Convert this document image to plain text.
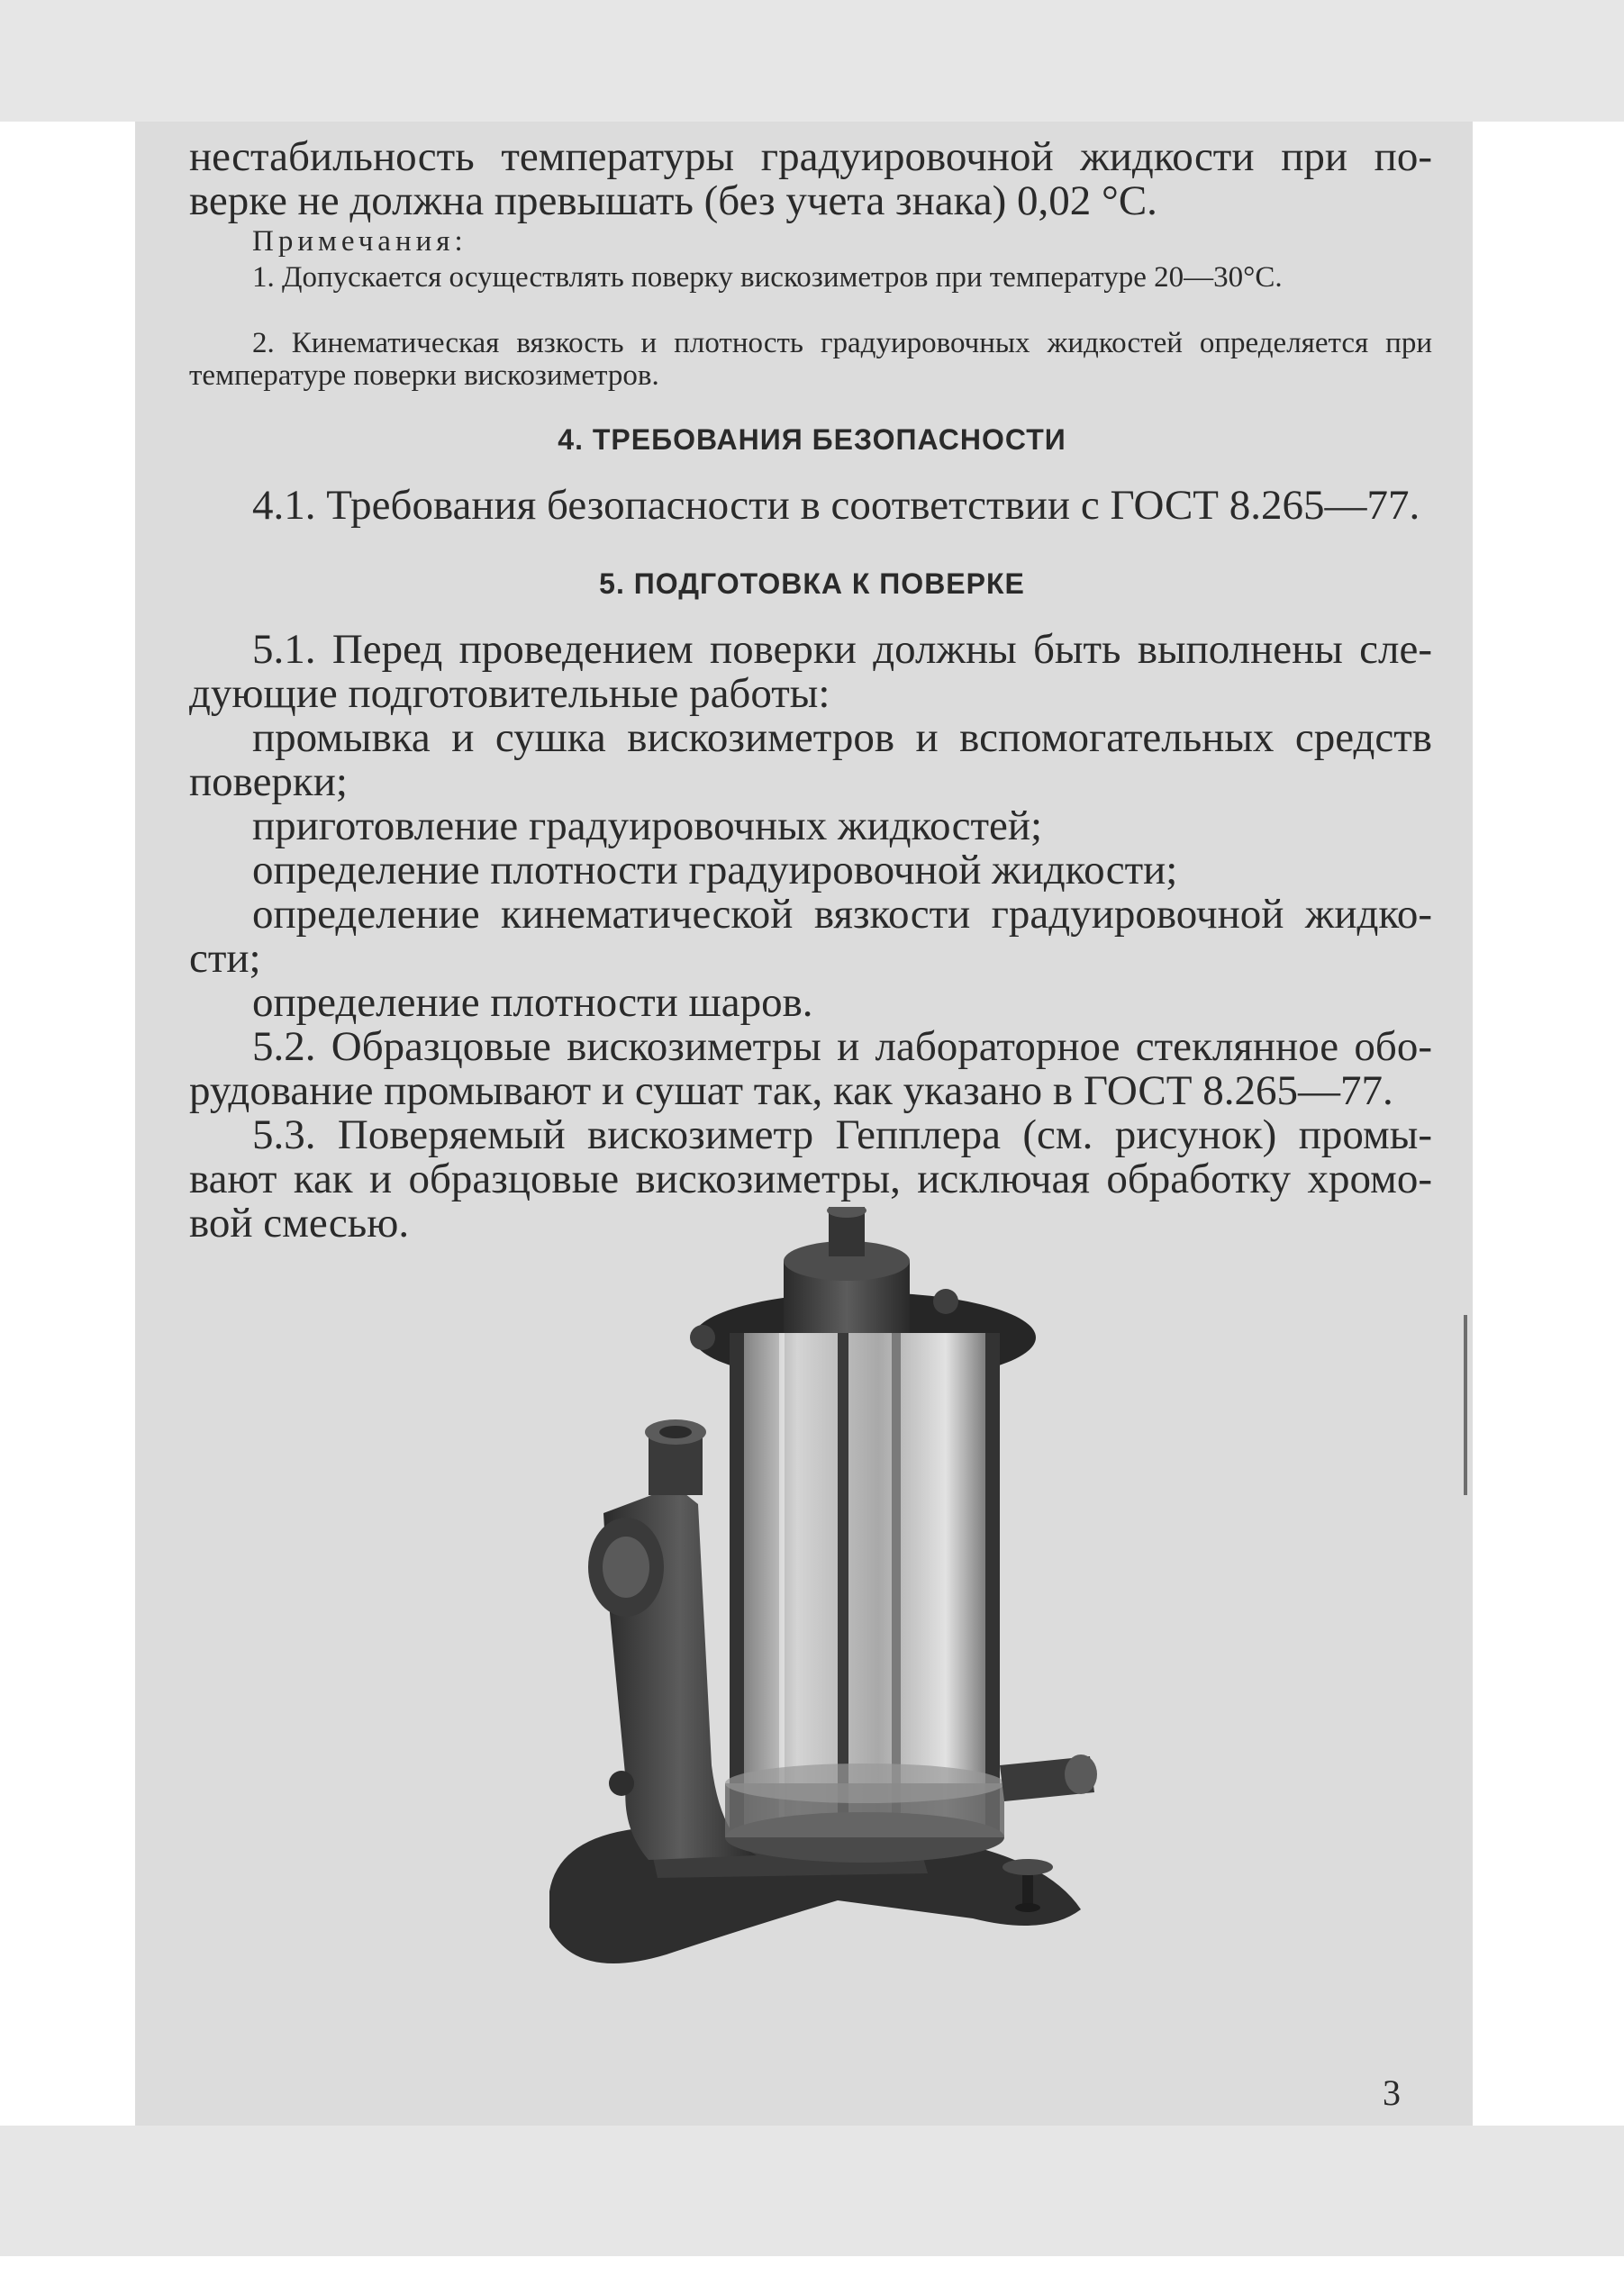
нестабильность температуры градуировочной жидкости при поверке не должна превышать (без учета знака) 0,02 °С.

Примечания:

1. Допускается осуществлять поверку вискозиметров при температуре 20—30°С.

2. Кинематическая вязкость и плотность градуировочных жидкостей определяется при температуре поверки вискозиметров.

4. ТРЕБОВАНИЯ БЕЗОПАСНОСТИ

4.1. Требования безопасности в соответствии с ГОСТ 8.265—77.

5. ПОДГОТОВКА К ПОВЕРКЕ

5.1. Перед проведением поверки должны быть выполнены следующие подготовительные работы:

промывка и сушка вискозиметров и вспомогательных средств поверки;

приготовление градуировочных жидкостей;

определение плотности градуировочной жидкости;

определение кинематической вязкости градуировочной жидкости;

определение плотности шаров.

5.2. Образцовые вискозиметры и лабораторное стеклянное оборудование промывают и сушат так, как указано в ГОСТ 8.265—77.

5.3. Поверяемый вискозиметр Гепплера (см. рисунок) промывают как и образцовые вискозиметры, исключая обработку хромовой смесью.

3
